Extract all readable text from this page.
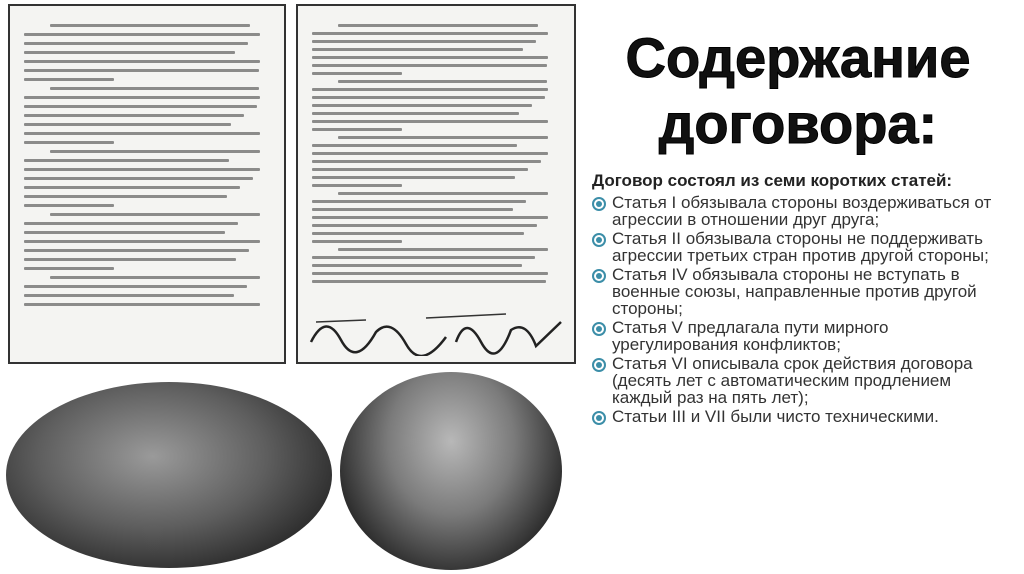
Содержание
договора:

Договор состоял из семи коротких статей:

Статья I обязывала стороны воздерживаться от агрессии в отношении друг друга;
Статья II обязывала стороны не поддерживать агрессии третьих стран против другой стороны;
Статья IV обязывала стороны не вступать в военные союзы, направленные против другой стороны;
Статья V предлагала пути мирного урегулирования конфликтов;
Статья VI описывала срок действия договора (десять лет с автоматическим продлением каждый раз на пять лет);
Статьи III и VII были чисто техническими.
